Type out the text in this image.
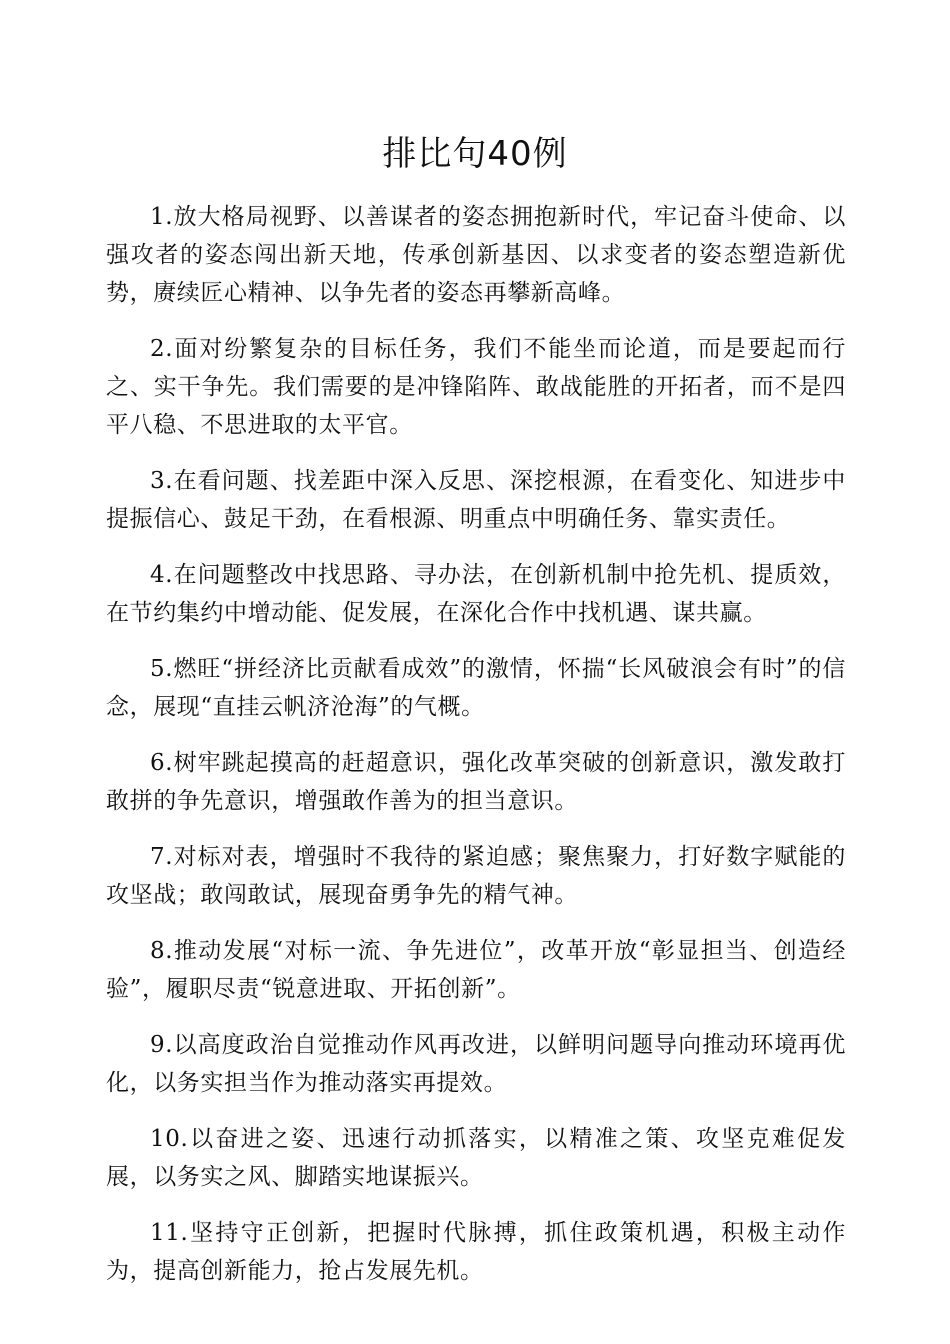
排比句40例

1.放大格局视野、以善谋者的姿态拥抱新时代，牢记奋斗使命、以强攻者的姿态闯出新天地，传承创新基因、以求变者的姿态塑造新优势，赓续匠心精神、以争先者的姿态再攀新高峰。

2.面对纷繁复杂的目标任务，我们不能坐而论道，而是要起而行之、实干争先。我们需要的是冲锋陷阵、敢战能胜的开拓者，而不是四平八稳、不思进取的太平官。

3.在看问题、找差距中深入反思、深挖根源，在看变化、知进步中提振信心、鼓足干劲，在看根源、明重点中明确任务、靠实责任。

4.在问题整改中找思路、寻办法，在创新机制中抢先机、提质效，在节约集约中增动能、促发展，在深化合作中找机遇、谋共赢。

5.燃旺“拼经济比贡献看成效”的激情，怀揣“长风破浪会有时”的信念，展现“直挂云帆济沧海”的气概。

6.树牢跳起摸高的赶超意识，强化改革突破的创新意识，激发敢打敢拼的争先意识，增强敢作善为的担当意识。

7.对标对表，增强时不我待的紧迫感；聚焦聚力，打好数字赋能的攻坚战；敢闯敢试，展现奋勇争先的精气神。

8.推动发展“对标一流、争先进位”，改革开放“彰显担当、创造经验”，履职尽责“锐意进取、开拓创新”。

9.以高度政治自觉推动作风再改进，以鲜明问题导向推动环境再优化，以务实担当作为推动落实再提效。

10.以奋进之姿、迅速行动抓落实，以精准之策、攻坚克难促发展，以务实之风、脚踏实地谋振兴。

11.坚持守正创新，把握时代脉搏，抓住政策机遇，积极主动作为，提高创新能力，抢占发展先机。
